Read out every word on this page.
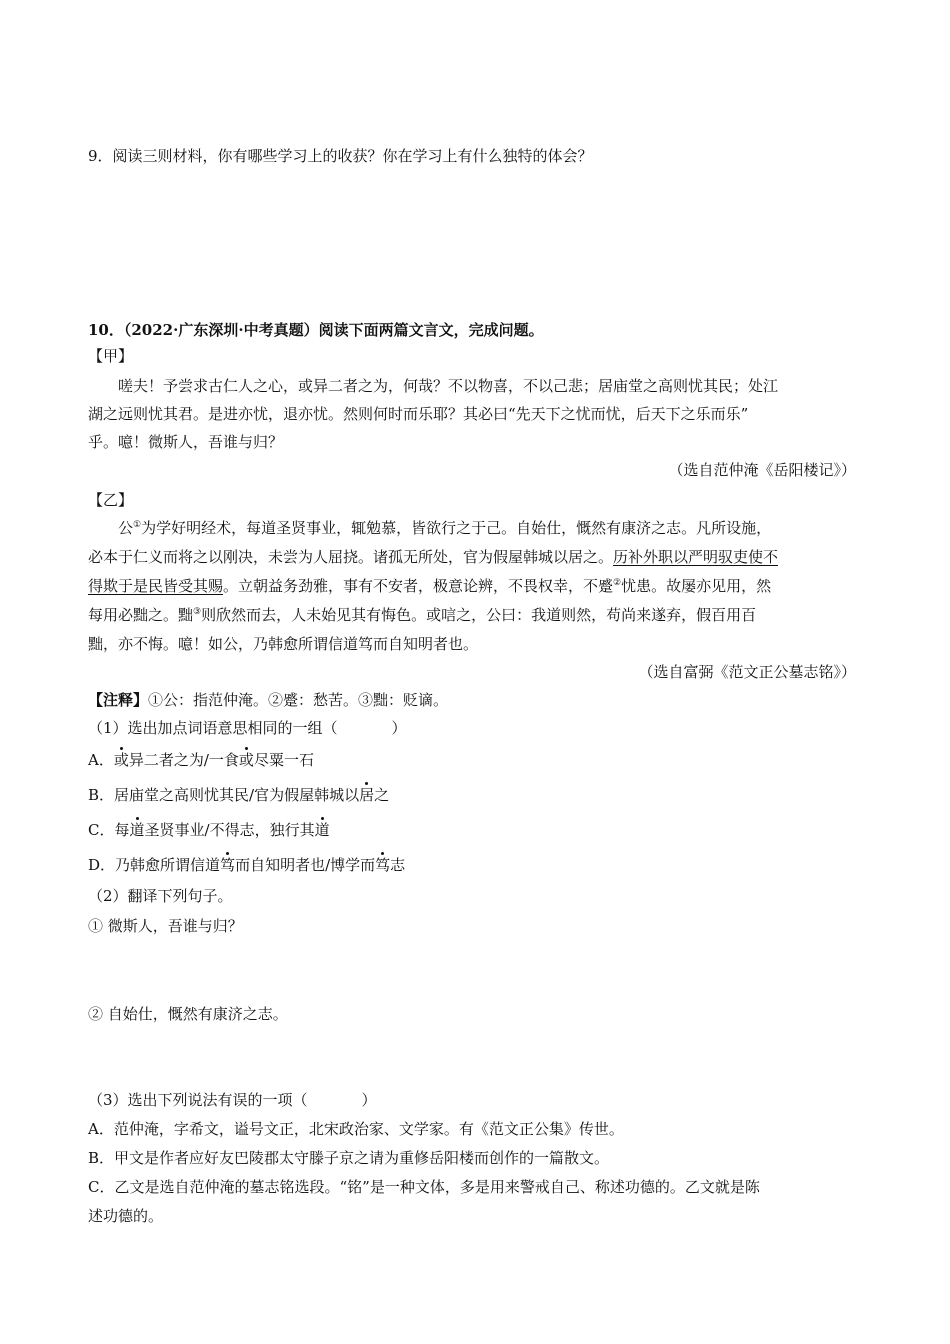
9．阅读三则材料，你有哪些学习上的收获？你在学习上有什么独特的体会？
10．（2022·广东深圳·中考真题）阅读下面两篇文言文，完成问题。
【甲】
嗟夫！予尝求古仁人之心，或异二者之为，何哉？不以物喜，不以己悲；居庙堂之高则忧其民；处江
湖之远则忧其君。是进亦忧，退亦忧。然则何时而乐耶？其必曰“先天下之忧而忧，后天下之乐而乐”
乎。噫！微斯人，吾谁与归？
（选自范仲淹《岳阳楼记》）
【乙】
公①为学好明经术，每道圣贤事业，辄勉慕，皆欲行之于己。自始仕，慨然有康济之志。凡所设施，
必本于仁义而将之以刚决，未尝为人屈挠。诸孤无所处，官为假屋韩城以居之。历补外职以严明驭吏使不
得欺于是民皆受其赐。立朝益务劲雅，事有不安者，极意论辨，不畏权幸，不蹙②忧患。故屡亦见用，然
每用必黜之。黜③则欣然而去，人未始见其有悔色。或唁之，公曰：我道则然，苟尚来遂弃，假百用百
黜，亦不悔。噫！如公，乃韩愈所谓信道笃而自知明者也。
（选自富弼《范文正公墓志铭》）
【注释】①公：指范仲淹。②蹙：愁苦。③黜：贬谪。
（1）选出加点词语意思相同的一组（	）
A．或异二者之为/一食或尽粟一石
B．居庙堂之高则忧其民/官为假屋韩城以居之
C．每道圣贤事业/不得志，独行其道
D．乃韩愈所谓信道笃而自知明者也/博学而笃志
（2）翻译下列句子。
① 微斯人，吾谁与归？
② 自始仕，慨然有康济之志。
（3）选出下列说法有误的一项（	）
A．范仲淹，字希文，谥号文正，北宋政治家、文学家。有《范文正公集》传世。
B．甲文是作者应好友巴陵郡太守滕子京之请为重修岳阳楼而创作的一篇散文。
C．乙文是选自范仲淹的墓志铭选段。“铭”是一种文体，多是用来警戒自己、称述功德的。乙文就是陈
述功德的。
